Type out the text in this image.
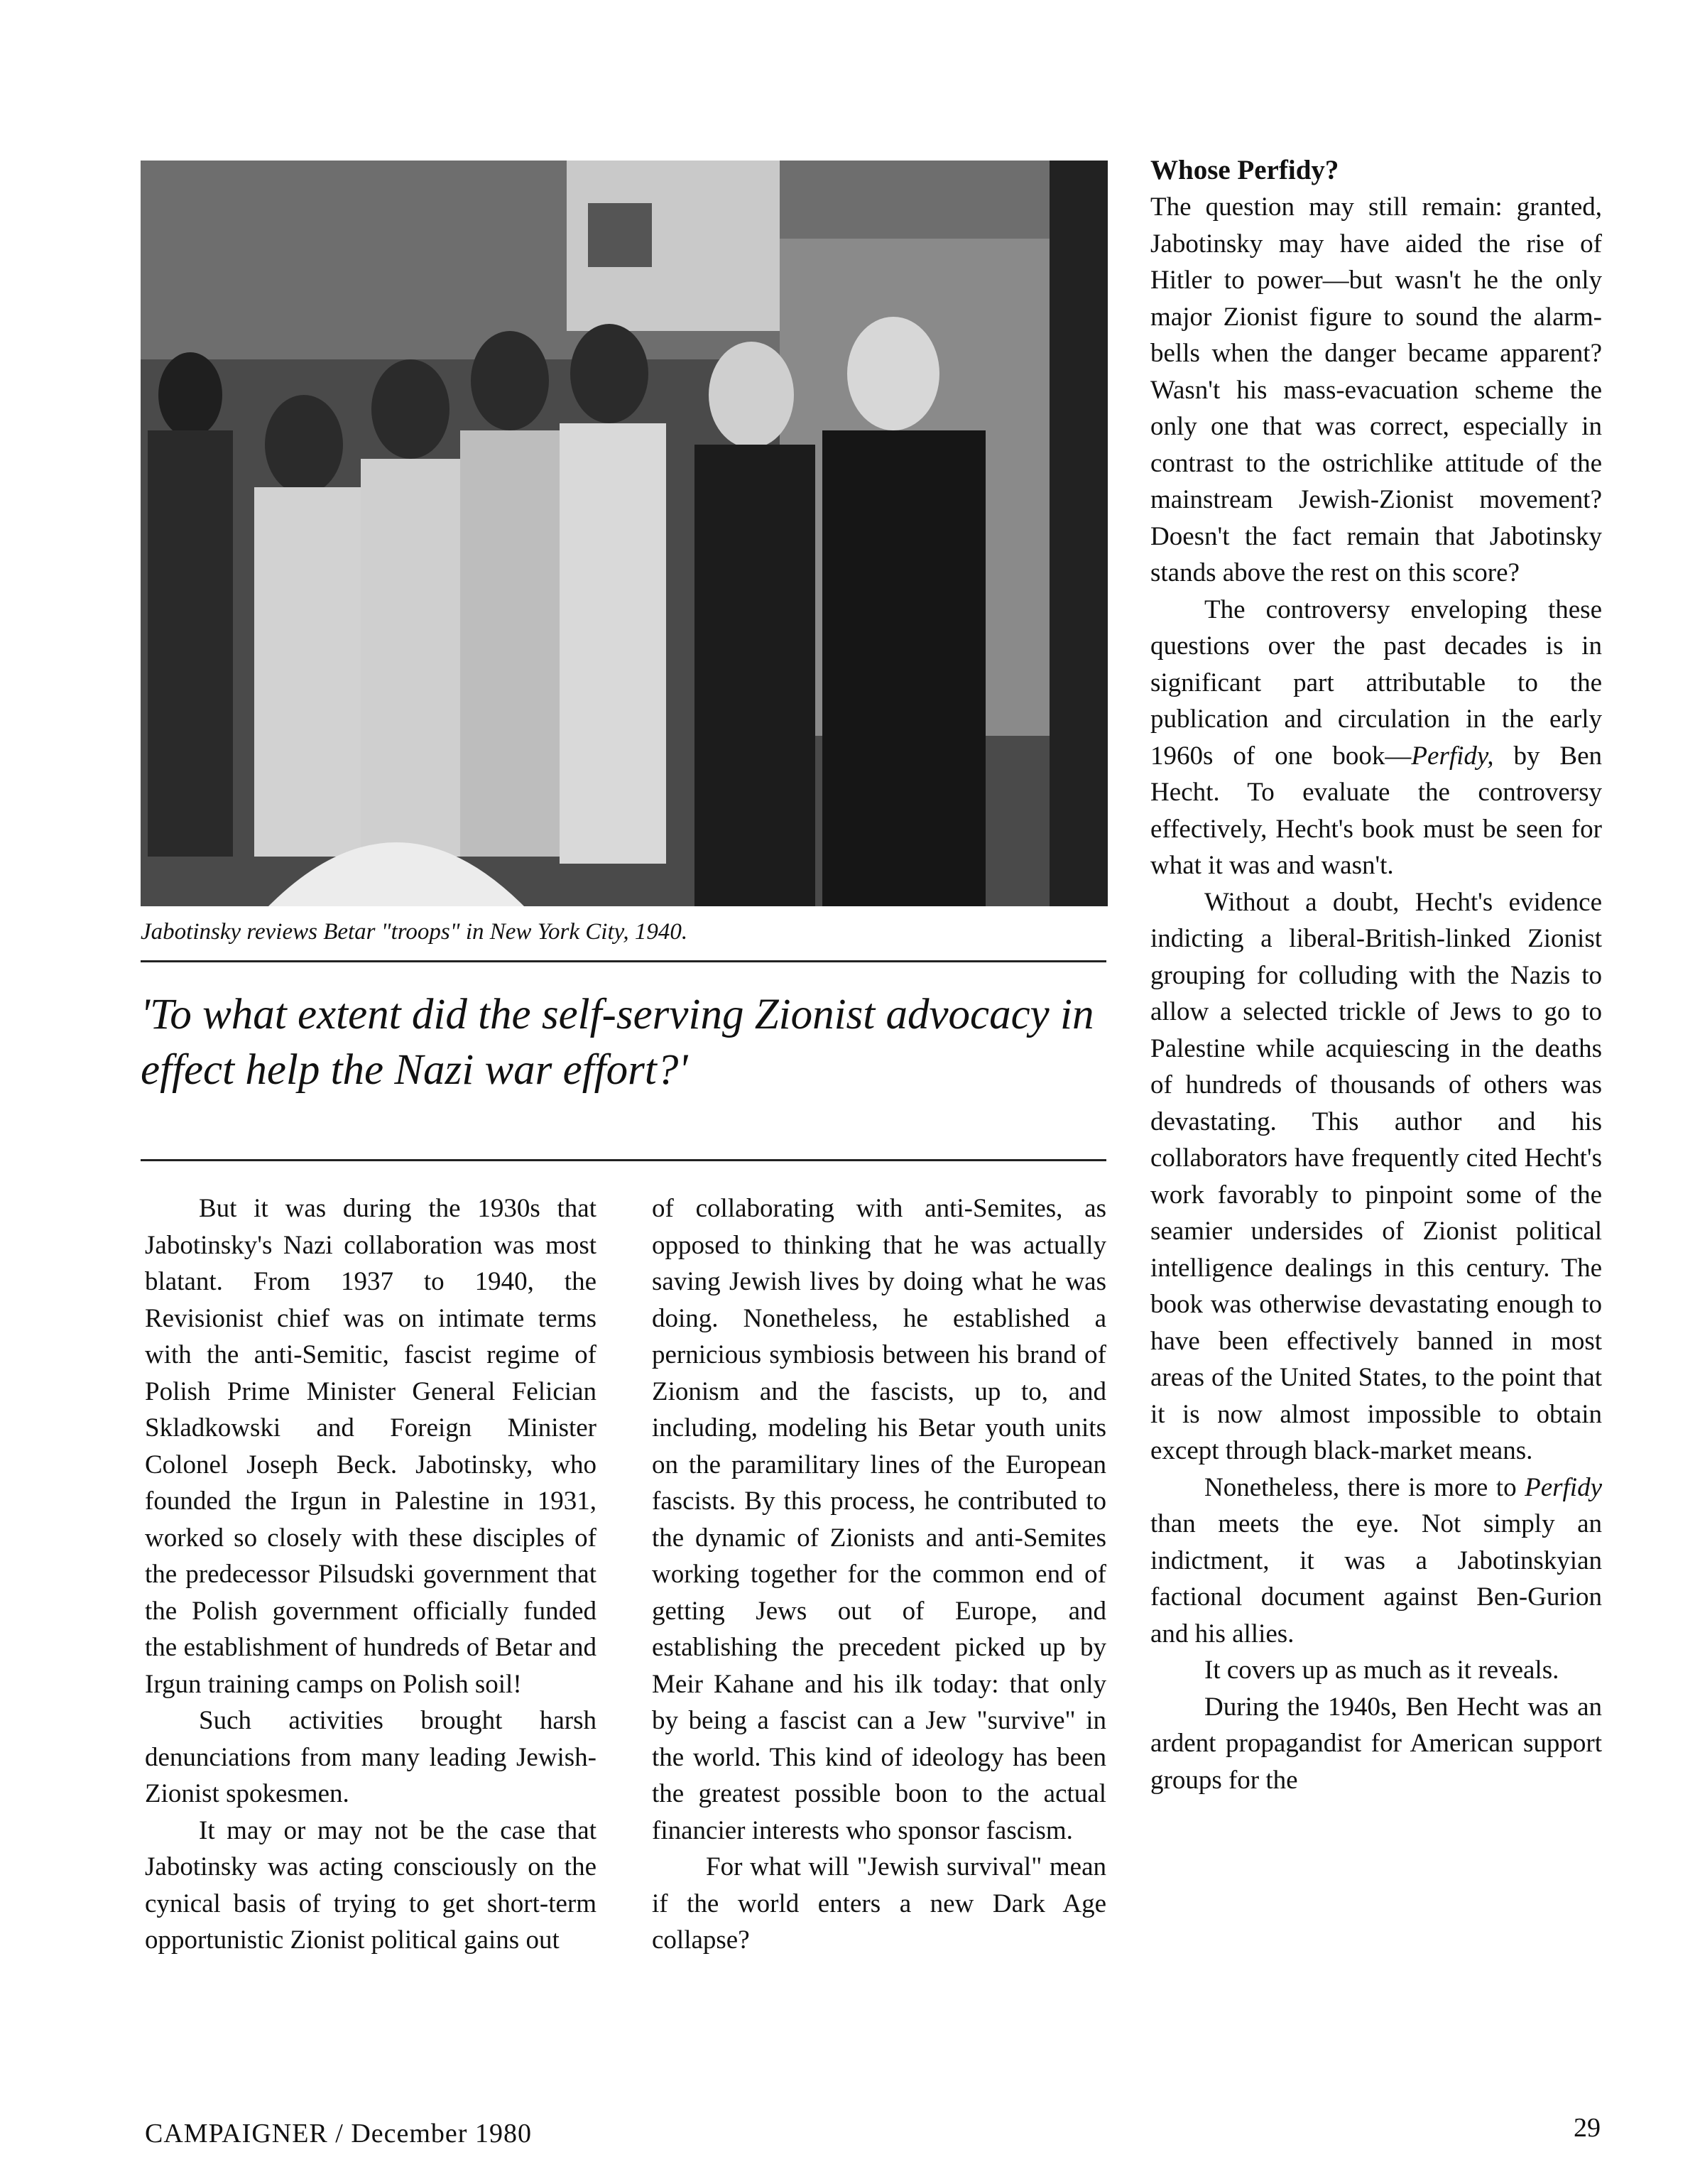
Jabotinsky reviews Betar "troops" in New York City, 1940.
'To what extent did the self-serving Zionist advocacy in effect help the Nazi war effort?'

But it was during the 1930s that Jabotinsky's Nazi collaboration was most blatant. From 1937 to 1940, the Revisionist chief was on intimate terms with the anti-Semitic, fascist regime of Polish Prime Minister General Felician Skladkowski and Foreign Minister Colonel Joseph Beck. Jabotinsky, who founded the Irgun in Palestine in 1931, worked so closely with these disciples of the predecessor Pilsudski government that the Polish government officially funded the establishment of hundreds of Betar and Irgun training camps on Polish soil!

Such activities brought harsh denunciations from many leading Jewish-Zionist spokesmen.

It may or may not be the case that Jabotinsky was acting consciously on the cynical basis of trying to get short-term opportunistic Zionist political gains out

of collaborating with anti-Semites, as opposed to thinking that he was actually saving Jewish lives by doing what he was doing. Nonetheless, he established a pernicious symbiosis between his brand of Zionism and the fascists, up to, and including, modeling his Betar youth units on the paramilitary lines of the European fascists. By this process, he contributed to the dynamic of Zionists and anti-Semites working together for the common end of getting Jews out of Europe, and establishing the precedent picked up by Meir Kahane and his ilk today: that only by being a fascist can a Jew "survive" in the world. This kind of ideology has been the greatest possible boon to the actual financier interests who sponsor fascism.

For what will "Jewish survival" mean if the world enters a new Dark Age collapse?

Whose Perfidy?

The question may still remain: granted, Jabotinsky may have aided the rise of Hitler to power—but wasn't he the only major Zionist figure to sound the alarm-bells when the danger became apparent? Wasn't his mass-evacuation scheme the only one that was correct, especially in contrast to the ostrichlike attitude of the mainstream Jewish-Zionist movement? Doesn't the fact remain that Jabotinsky stands above the rest on this score?

The controversy enveloping these questions over the past decades is in significant part attributable to the publication and circulation in the early 1960s of one book—Perfidy, by Ben Hecht. To evaluate the controversy effectively, Hecht's book must be seen for what it was and wasn't.

Without a doubt, Hecht's evidence indicting a liberal-British-linked Zionist grouping for colluding with the Nazis to allow a selected trickle of Jews to go to Palestine while acquiescing in the deaths of hundreds of thousands of others was devastating. This author and his collaborators have frequently cited Hecht's work favorably to pinpoint some of the seamier undersides of Zionist political intelligence dealings in this century. The book was otherwise devastating enough to have been effectively banned in most areas of the United States, to the point that it is now almost impossible to obtain except through black-market means.

Nonetheless, there is more to Perfidy than meets the eye. Not simply an indictment, it was a Jabotinskyian factional document against Ben-Gurion and his allies.

It covers up as much as it reveals.

During the 1940s, Ben Hecht was an ardent propagandist for American support groups for the

CAMPAIGNER / December 1980	29
